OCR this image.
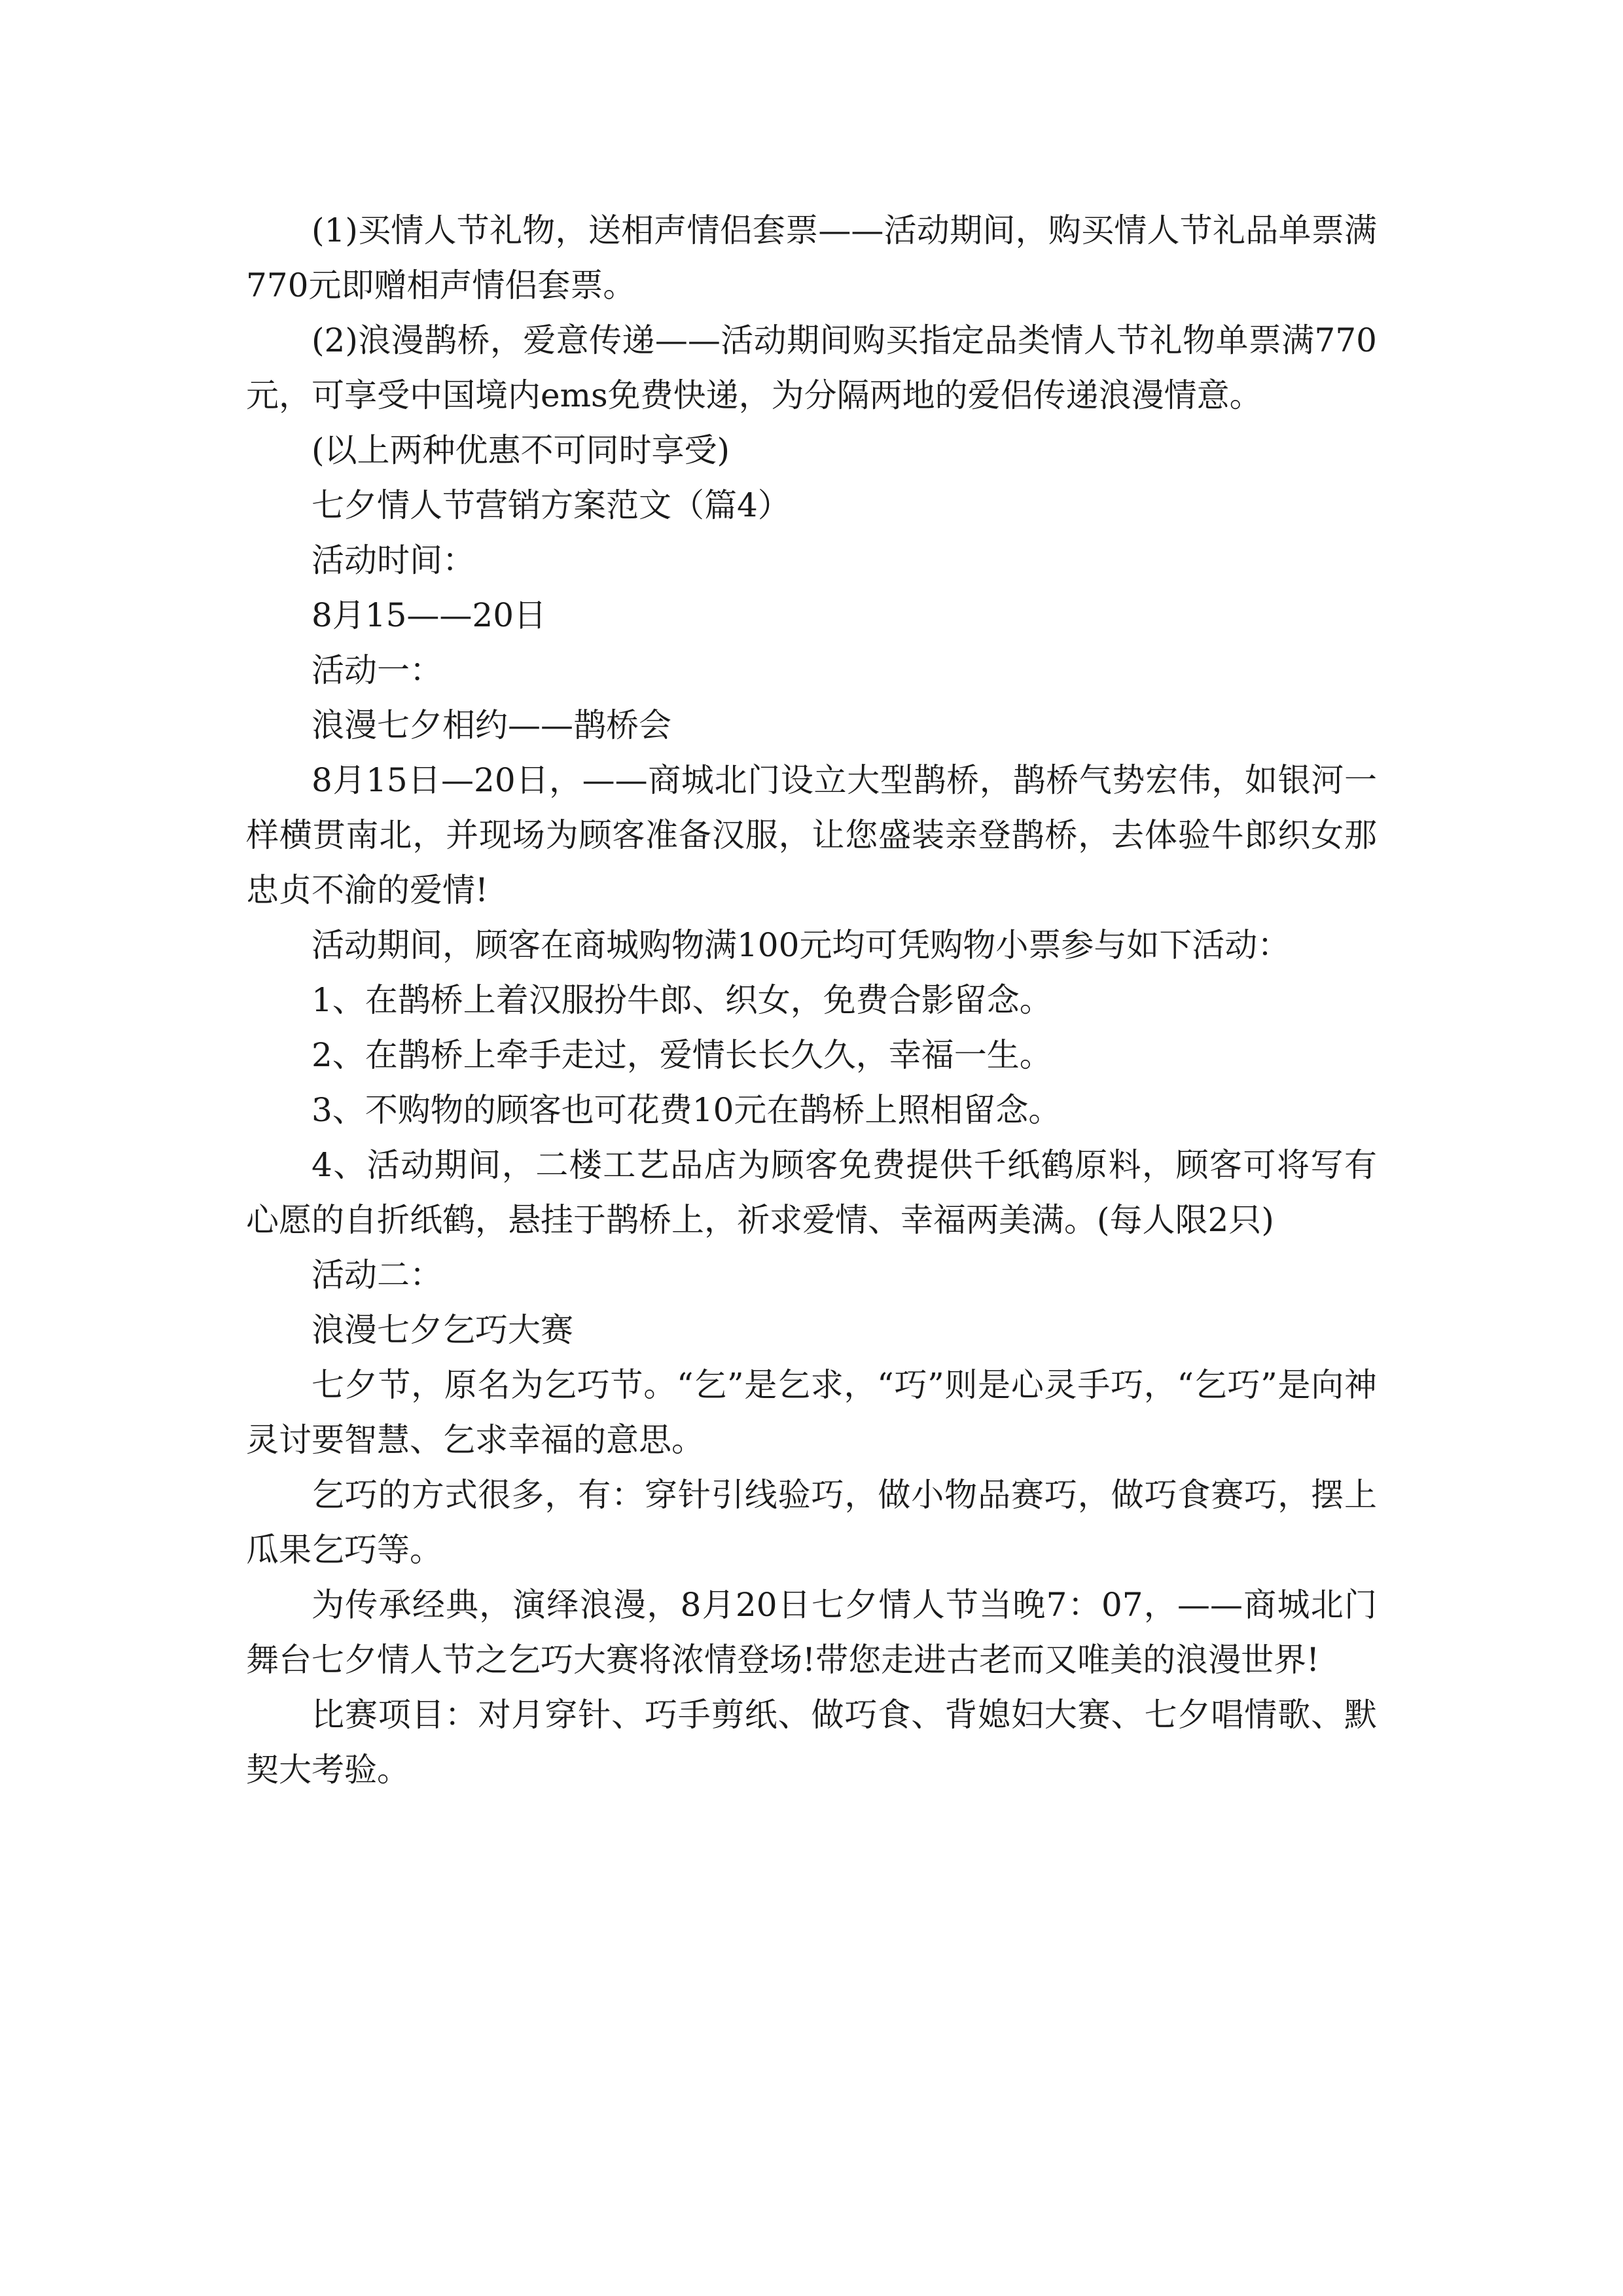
(1)买情人节礼物，送相声情侣套票——活动期间，购买情人节礼品单票满770元即赠相声情侣套票。

(2)浪漫鹊桥，爱意传递——活动期间购买指定品类情人节礼物单票满770元，可享受中国境内ems免费快递，为分隔两地的爱侣传递浪漫情意。

(以上两种优惠不可同时享受)

七夕情人节营销方案范文（篇4）

活动时间：

8月15——20日

活动一：

浪漫七夕相约——鹊桥会

8月15日—20日，——商城北门设立大型鹊桥，鹊桥气势宏伟，如银河一样横贯南北，并现场为顾客准备汉服，让您盛装亲登鹊桥，去体验牛郎织女那忠贞不渝的爱情!

活动期间，顾客在商城购物满100元均可凭购物小票参与如下活动：

1、在鹊桥上着汉服扮牛郎、织女，免费合影留念。

2、在鹊桥上牵手走过，爱情长长久久，幸福一生。

3、不购物的顾客也可花费10元在鹊桥上照相留念。

4、活动期间，二楼工艺品店为顾客免费提供千纸鹤原料，顾客可将写有心愿的自折纸鹤，悬挂于鹊桥上，祈求爱情、幸福两美满。(每人限2只)

活动二：

浪漫七夕乞巧大赛

七夕节，原名为乞巧节。“乞”是乞求，“巧”则是心灵手巧，“乞巧”是向神灵讨要智慧、乞求幸福的意思。

乞巧的方式很多，有：穿针引线验巧，做小物品赛巧，做巧食赛巧，摆上瓜果乞巧等。

为传承经典，演绎浪漫，8月20日七夕情人节当晚7：07，——商城北门舞台七夕情人节之乞巧大赛将浓情登场!带您走进古老而又唯美的浪漫世界!

比赛项目：对月穿针、巧手剪纸、做巧食、背媳妇大赛、七夕唱情歌、默契大考验。
